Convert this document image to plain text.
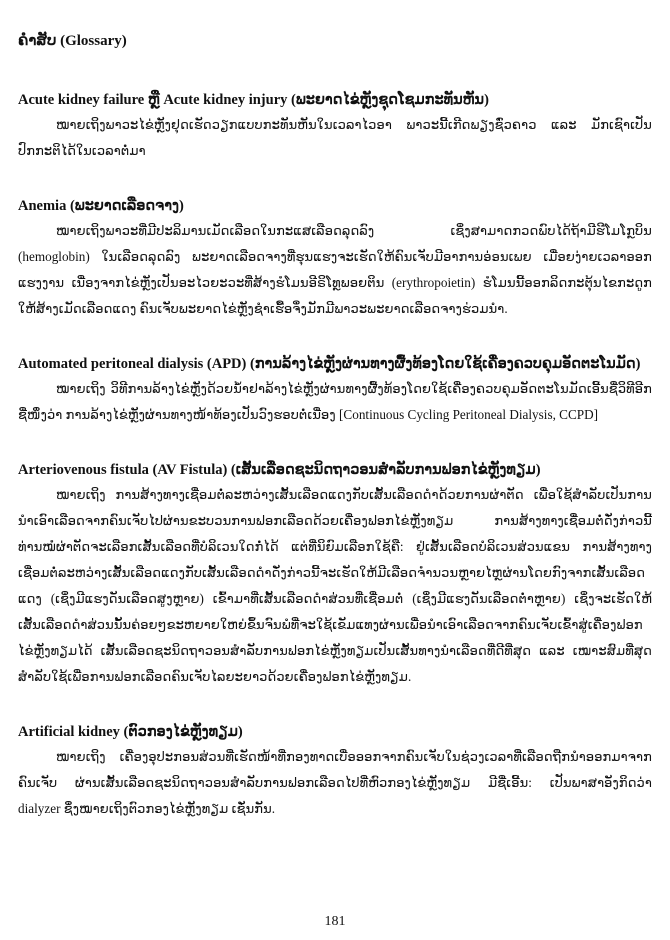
ຄຳສັບ (Glossary)

Acute kidney failure ຫຼື Acute kidney injury (ພະຍາດໄຂ່ຫຼັງຊຸດໂຊມກະທັນຫັນ)

ໝາຍເຖິງພາວະໄຂ່ຫຼັງຢຸດເຮັດວຽກແບບກະທັນຫັນໃນເວລາໄວອາ ພາວະນີ້ເກີດພຽງຊົ່ວຄາວ ແລະ ມັກເຊົາເປັນປົກກະຕິໄດ້ໃນເວລາຕໍ່ມາ

Anemia (ພະຍາດເລືອດຈາງ)

ໝາຍເຖິງພາວະທີ່ມີປະລິມານເມັດເລືອດໃນກະແສເລືອດລຸດລົງ ເຊິ່ງສາມາດກວດພົບໄດ້ຖ້າມີຮີໂມໂກຼບິນ (hemoglobin) ໃນເລືອດລຸດລົງ ພະຍາດເລືອດຈາງທີ່ຮຸນແຮງຈະເຮັດໃຫ້ຄົນເຈັບມີອາການອ່ອນເພຍ ເມື່ອຍງ່າຍເວລາອອກແຮງງານ ເນື່ອງຈາກໄຂ່ຫຼັງເປັນອະໄວຍະວະທີ່ສ້າງຮໍໂມນອີຣິໂທຼພອຍຕິນ (erythropoietin) ຮໍໂມນນີ້ອອກລິດກະຕຸ້ນໄຂກະດູກໃຫ້ສ້າງເມັດເລືອດແດງ ຄົນເຈັບພະຍາດໄຂ່ຫຼັງຊຳເຮື້ອຈຶ່ງມັກມີພາວະພະຍາດເລືອດຈາງຮ່ວມນຳ.

Automated peritoneal dialysis (APD) (ການລ້າງໄຂ່ຫຼັງຜ່ານທາງຜື້ງທ້ອງໂດຍໃຊ້ເຄື່ອງຄວບຄຸມອັດຕະໂນມັດ)

ໝາຍເຖິງ ວິທີການລ້າງໄຂ່ຫຼັງດ້ວຍນ້ຳຢາລ້າງໄຂ່ຫຼັງຜ່ານທາງຜື້ງທ້ອງໂດຍໃຊ້ເຄື່ອງຄວບຄຸມອັດຕະໂນມັດເອີ້ນຊື່ວິທີອີກຊື່ໜຶ່ງວ່າ ການລ້າງໄຂ່ຫຼັງຜ່ານທາງໜ້າທ້ອງເປັນວົງຮອບຕໍ່ເນື່ອງ [Continuous Cycling Peritoneal Dialysis, CCPD]

Arteriovenous fistula (AV Fistula) (ເສັ້ນເລືອດຊະນິດຖາວອນສຳລັບການຟອກໄຂ່ຫຼັງທຽມ)

ໝາຍເຖິງ ການສ້າງທາງເຊື່ອມຕໍ່ລະຫວ່າງເສັ້ນເລືອດແດງກັບເສັ້ນເລືອດດຳດ້ວຍການຜ່າຕັດ ເພື່ອໃຊ້ສຳລັບເປັນການນຳເອົາເລືອດຈາກຄົນເຈັບໄປຜ່ານຂະບວນການຟອກເລືອດດ້ວຍເຄື່ອງຟອກໄຂ່ຫຼັງທຽມ ການສ້າງທາງເຊື່ອມຕໍ່ດັ່ງກ່າວນີ້ ທ່ານໝໍຜ່າຕັດຈະເລືອກເສັ້ນເລືອດທີ່ບໍລິເວນໃດກໍ່ໄດ້ ແຕ່ທີ່ນິຍົມເລືອກໃຊ້ຄື: ຢູ່ເສັ້ນເລືອດບໍລິເວນສ່ວນແຂນ ການສ້າງທາງເຊື່ອມຕໍ່ລະຫວ່າງເສັ້ນເລືອດແດງກັບເສັ້ນເລືອດດຳດັ່ງກ່າວນີ້ຈະເຮັດໃຫ້ມີເລືອດຈຳນວນຫຼາຍໄຫຼຜ່ານໂດຍກົງຈາກເສັ້ນເລືອດແດງ (ເຊິ່ງມີແຮງດັນເລືອດສູງຫຼາຍ) ເຂົ້າມາທີ່ເສັ້ນເລືອດດຳສ່ວນທີ່ເຊື່ອມຕໍ່ (ເຊິ່ງມີແຮງດັນເລືອດຕ່ຳຫຼາຍ) ເຊິ່ງຈະເຮັດໃຫ້ເສັ້ນເລືອດດຳສ່ວນນັ້ນຄ່ອຍໆຂະຫຍາຍໃຫຍ່ຂຶ້ນຈົນພໍທີ່ຈະໃຊ້ເຂັມແທງຜ່ານເພື່ອນຳເອົາເລືອດຈາກຄົນເຈັບເຂົ້າສູ່ເຄື່ອງຟອກໄຂ່ຫຼັງທຽມໄດ້ ເສັ້ນເລືອດຊະນິດຖາວອນສຳລັບການຟອກໄຂ່ຫຼັງທຽມເປັນເສັ້ນທາງນຳເລືອດທີ່ດີທີ່ສຸດ ແລະ ເໝາະສົມທີ່ສຸດສຳລັບໃຊ້ເພື່ອການຟອກເລືອດຄົນເຈັບໄລຍະຍາວດ້ວຍເຄື່ອງຟອກໄຂ່ຫຼັງທຽມ.

Artificial kidney (ຕົວກອງໄຂ່ຫຼັງທຽມ)

ໝາຍເຖິງ ເຄື່ອງອຸປະກອນສ່ວນທີ່ເຮັດໜ້າທີ່ກອງທາດເບື່ອອອກຈາກຄົນເຈັບໃນຊ່ວງເວລາທີ່ເລືອດຖືກນຳອອກມາຈາກຄົນເຈັບ ຜ່ານເສັ້ນເລືອດຊະນິດຖາວອນສຳລັບການຟອກເລືອດໄປທີ່ຫົວກອງໄຂ່ຫຼັງທຽມ ມີຊື່ເອີ້ນ: ເປັນພາສາອັງກິດວ່າ dialyzer ຊຶ່ງໝາຍເຖິງຕົວກອງໄຂ່ຫຼັງທຽມ ເຊັ່ນກັນ.

181
